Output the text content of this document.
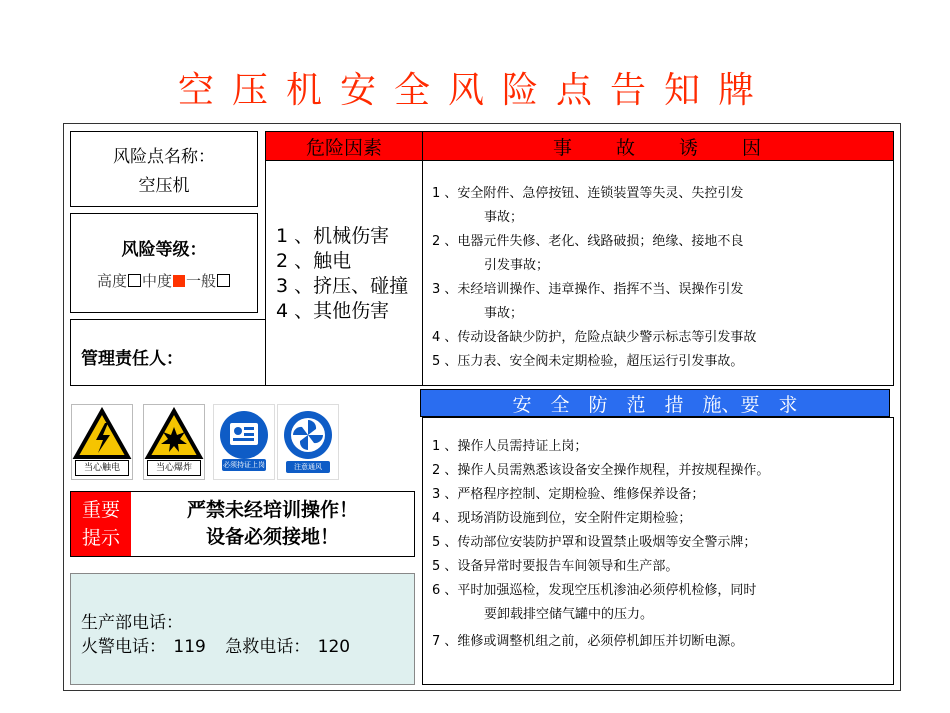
空压机安全风险点告知牌
风险点名称：
空压机
风险等级：
高度 中度 一般
管理责任人：
危险因素
1 、机械伤害
2 、触电
3 、挤压、碰撞
4 、其他伤害
事　　故　　诱　　因
1 、安全附件、急停按钮、连锁装置等失灵、失控引发
事故；
2 、电器元件失修、老化、线路破损；绝缘、接地不良
引发事故；
3 、未经培训操作、违章操作、指挥不当、误操作引发
事故；
4 、传动设备缺少防护，危险点缺少警示标志等引发事故
5 、压力表、安全阀未定期检验，超压运行引发事故。
当心触电	当心爆炸	必须持证上岗	注意通风
重要
提示
严禁未经培训操作！
设备必须接地！
生产部电话：
火警电话： 119 急救电话： 120
安　全　防　范　措　施、要　求
1 、操作人员需持证上岗；
2 、操作人员需熟悉该设备安全操作规程，并按规程操作。
3 、严格程序控制、定期检验、维修保养设备；
4 、现场消防设施到位，安全附件定期检验；
5 、传动部位安装防护罩和设置禁止吸烟等安全警示牌；
5 、设备异常时要报告车间领导和生产部。
6 、平时加强巡检，发现空压机渗油必须停机检修，同时
要卸载排空储气罐中的压力。
7 、维修或调整机组之前，必须停机卸压并切断电源。
